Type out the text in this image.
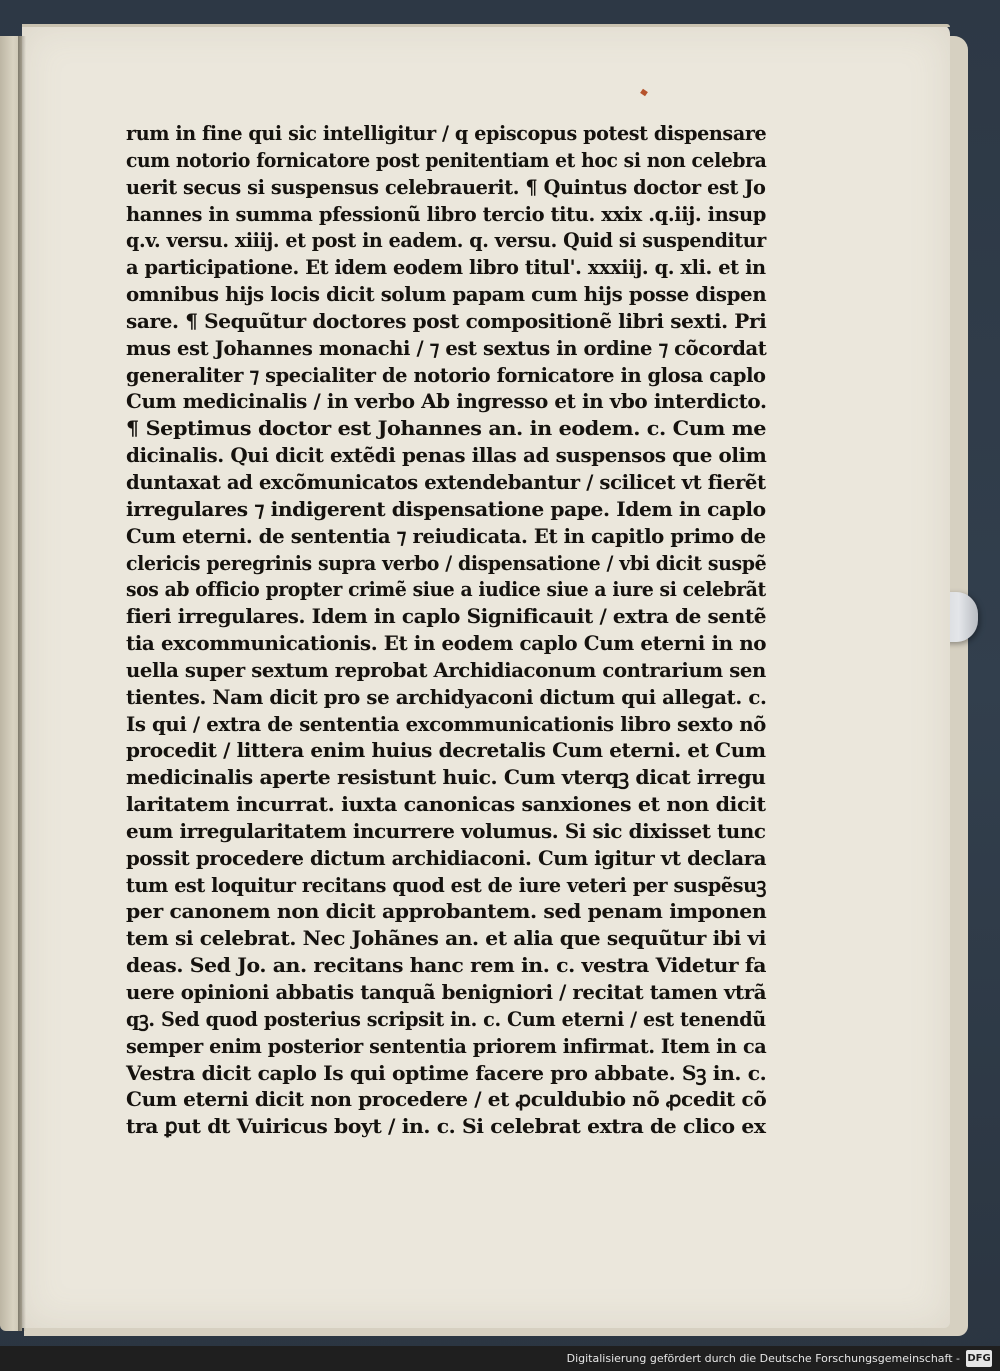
rum in fine qui sic intelligitur / q episcopus potest dispensare
cum notorio fornicatore post penitentiam et hoc si non celebra
uerit secus si suspensus celebrauerit. ¶ Quintus doctor est Jo
hannes in summa pfessionũ libro tercio titu. xxix .q.iij. insup
q.v. versu. xiiij. et post in eadem. q. versu. Quid si suspenditur
a participatione. Et idem eodem libro titul'. xxxiij. q. xli. et in
omnibus hijs locis dicit solum papam cum hijs posse dispen
sare. ¶ Sequũtur doctores post compositionẽ libri sexti. Pri
mus est Johannes monachi / ⁊ est sextus in ordine ⁊ cõcordat
generaliter ⁊ specialiter de notorio fornicatore in glosa caplo
Cum medicinalis / in verbo Ab ingresso et in vbo interdicto.
¶ Septimus doctor est Johannes an. in eodem. c. Cum me
dicinalis. Qui dicit extẽdi penas illas ad suspensos que olim
duntaxat ad excõmunicatos extendebantur / scilicet vt fierẽt
irregulares ⁊ indigerent dispensatione pape. Idem in caplo
Cum eterni. de sententia ⁊ reiudicata. Et in capitlo primo de
clericis peregrinis supra verbo / dispensatione / vbi dicit suspẽ
sos ab officio propter crimẽ siue a iudice siue a iure si celebrãt
fieri irregulares. Idem in caplo Significauit / extra de sentẽ
tia excommunicationis. Et in eodem caplo Cum eterni in no
uella super sextum reprobat Archidiaconum contrarium sen
tientes. Nam dicit pro se archidyaconi dictum qui allegat. c.
Is qui / extra de sententia excommunicationis libro sexto nõ
procedit / littera enim huius decretalis Cum eterni. et Cum
medicinalis aperte resistunt huic. Cum vterqꝫ dicat irregu
laritatem incurrat. iuxta canonicas sanxiones et non dicit
eum irregularitatem incurrere volumus. Si sic dixisset tunc
possit procedere dictum archidiaconi. Cum igitur vt declara
tum est loquitur recitans quod est de iure veteri per suspẽsuꝫ
per canonem non dicit approbantem. sed penam imponen
tem si celebrat. Nec Johãnes an. et alia que sequũtur ibi vi
deas. Sed Jo. an. recitans hanc rem in. c. vestra Videtur fa
uere opinioni abbatis tanquã benigniori / recitat tamen vtrã
qꝫ. Sed quod posterius scripsit in. c. Cum eterni / est tenendũ
semper enim posterior sententia priorem infirmat. Item in ca
Vestra dicit caplo Is qui optime facere pro abbate. Sꝫ in. c.
Cum eterni dicit non procedere / et ꝓculdubio nõ ꝓcedit cõ
tra ꝑut dt Vuiricus boyt / in. c. Si celebrat extra de clico ex
Digitalisierung gefördert durch die Deutsche Forschungsgemeinschaft - DFG
